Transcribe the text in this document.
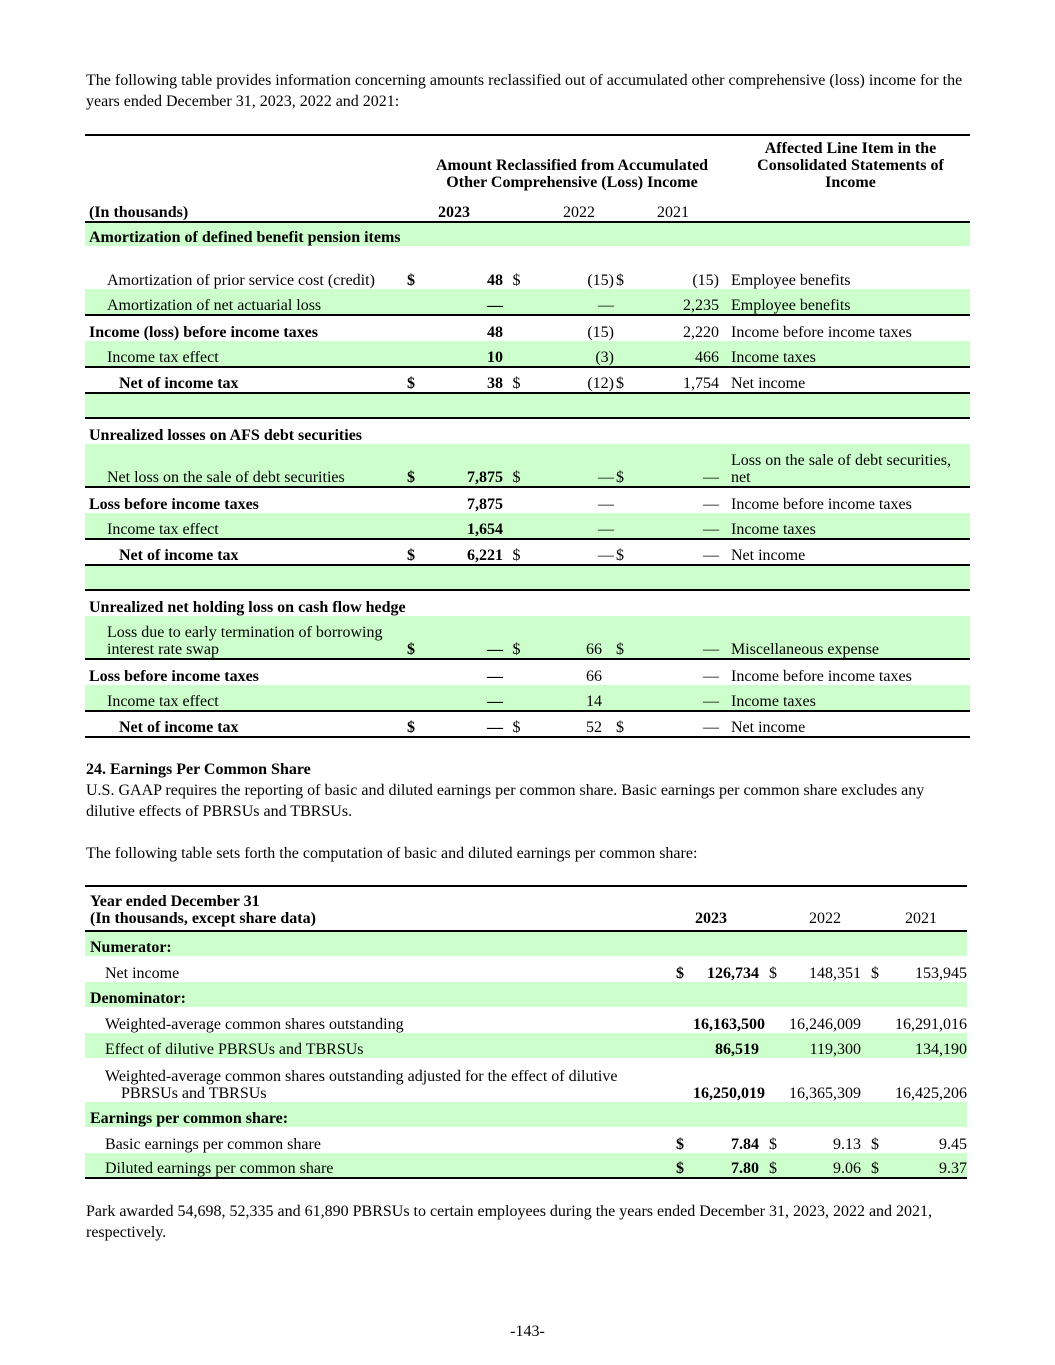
The following table provides information concerning amounts reclassified out of accumulated other comprehensive (loss) income for the years ended December 31, 2023, 2022 and 2021:

		Amount Reclassified from Accumulated Other Comprehensive (Loss) Income						Affected Line Item in the Consolidated Statements of Income

(In thousands)		2023		2022		2021		
Amortization of defined benefit pension items								
Amortization of prior service cost (credit)	$	48	$	(15)	$	(15)		Employee benefits
Amortization of net actuarial loss		—		—		2,235		Employee benefits
Income (loss) before income taxes		48		(15)		2,220		Income before income taxes
Income tax effect		10		(3)		466		Income taxes
Net of income tax	$	38	$	(12)	$	1,754		Net income

Unrealized losses on AFS debt securities								
Net loss on the sale of debt securities	$	7,875	$	—	$	—		Loss on the sale of debt securities, net
Loss before income taxes		7,875		—		—		Income before income taxes
Income tax effect		1,654		—		—		Income taxes
Net of income tax	$	6,221	$	—	$	—		Net income

Unrealized net holding loss on cash flow hedge								
Loss due to early termination of borrowing interest rate swap	$	—	$	66	$	—		Miscellaneous expense
Loss before income taxes		—		66		—		Income before income taxes
Income tax effect		—		14		—		Income taxes
Net of income tax	$	—	$	52	$	—		Net income

24. Earnings Per Common Share

U.S. GAAP requires the reporting of basic and diluted earnings per common share. Basic earnings per common share excludes any dilutive effects of PBRSUs and TBRSUs.

The following table sets forth the computation of basic and diluted earnings per common share:

Year ended December 31
(In thousands, except share data)		2023		2022		2021
Numerator:						
Net income	$	126,734	$	148,351	$	153,945
Denominator:						
Weighted-average common shares outstanding		16,163,500		16,246,009		16,291,016
Effect of dilutive PBRSUs and TBRSUs		86,519		119,300		134,190
Weighted-average common shares outstanding adjusted for the effect of dilutive PBRSUs and TBRSUs		16,250,019		16,365,309		16,425,206
Earnings per common share:						
Basic earnings per common share	$	7.84	$	9.13	$	9.45
Diluted earnings per common share	$	7.80	$	9.06	$	9.37

Park awarded 54,698, 52,335 and 61,890 PBRSUs to certain employees during the years ended December 31, 2023, 2022 and 2021, respectively.

-143-
